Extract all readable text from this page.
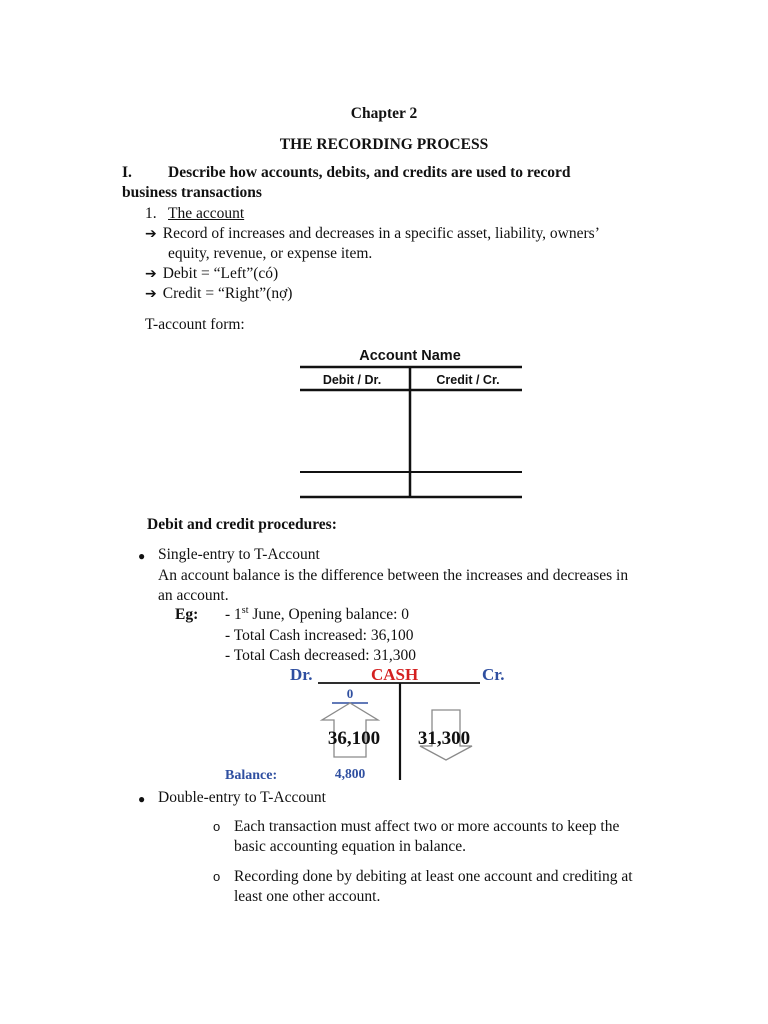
Chapter 2
THE RECORDING PROCESS
I. Describe how accounts, debits, and credits are used to record
business transactions
1. The account
➔ Record of increases and decreases in a specific asset, liability, owners’
equity, revenue, or expense item.
➔ Debit = “Left”(có)
➔ Credit = “Right”(nợ)
T-account form:
Account Name
Debit / Dr.	Credit / Cr.
Debit and credit procedures:
● Single-entry to T-Account
An account balance is the difference between the increases and decreases in
an account.
Eg: - 1st June, Opening balance: 0
- Total Cash increased: 36,100
- Total Cash decreased: 31,300
Dr.	CASH	Cr.
0
36,100 31,300
Balance:	4,800
● Double-entry to T-Account
o Each transaction must affect two or more accounts to keep the
basic accounting equation in balance.
o Recording done by debiting at least one account and crediting at
least one other account.
